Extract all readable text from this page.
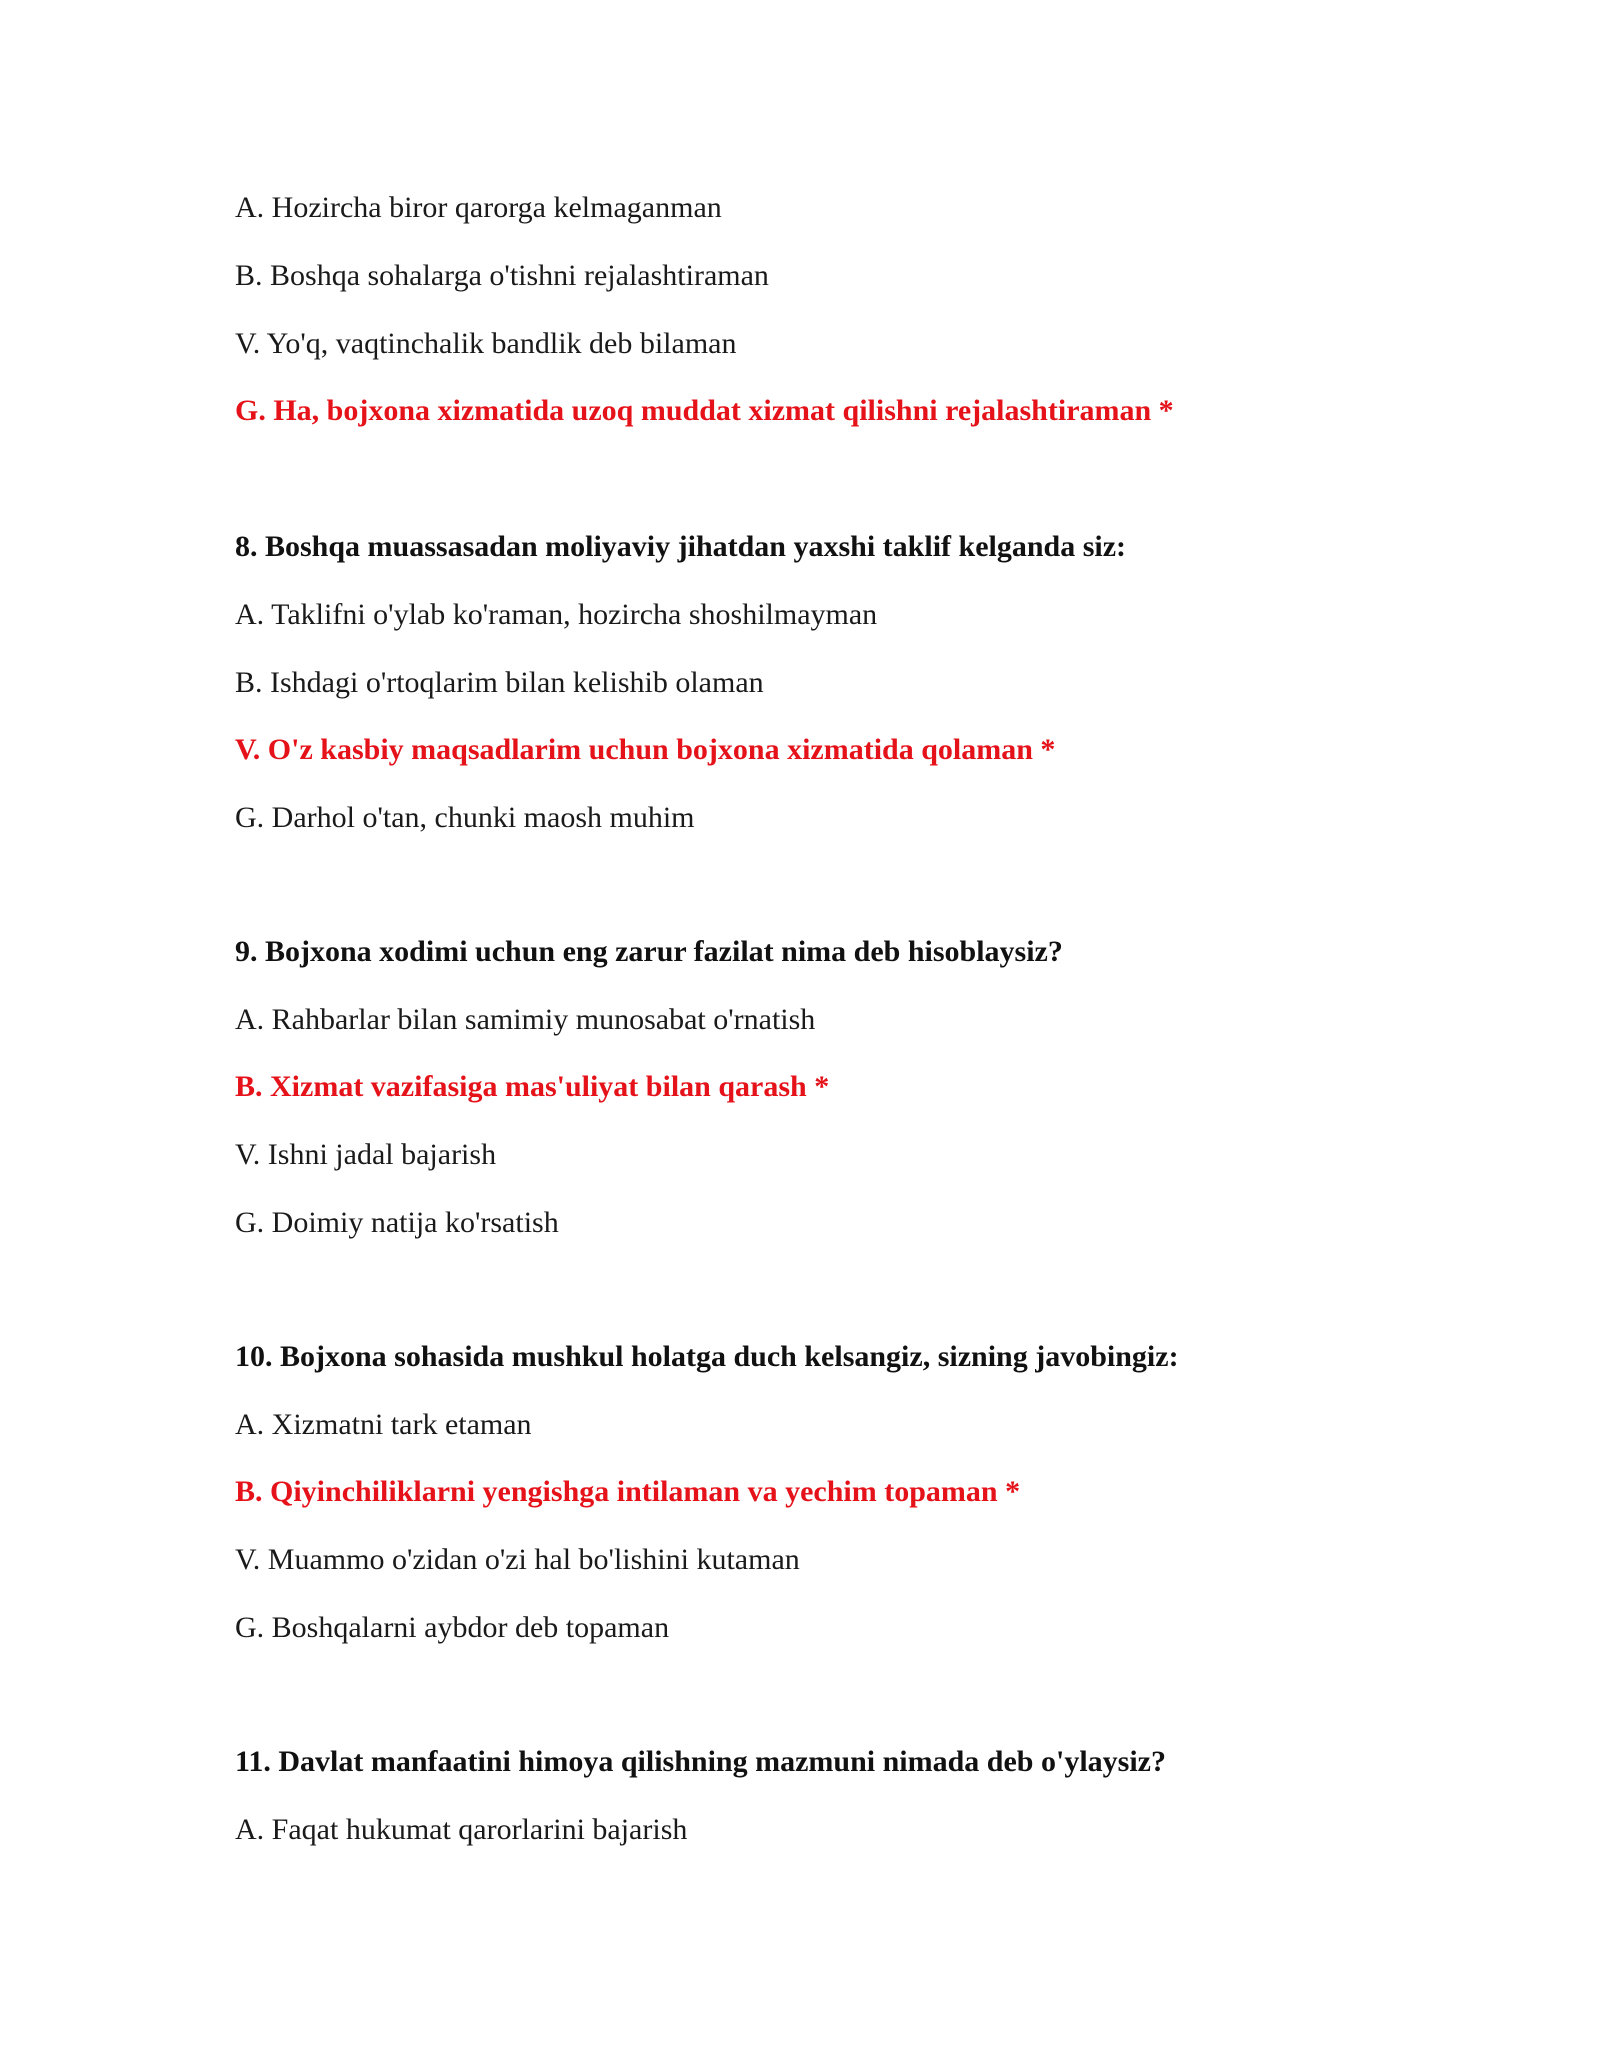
A. Hozircha biror qarorga kelmaganman
B. Boshqa sohalarga o'tishni rejalashtiraman
V. Yo'q, vaqtinchalik bandlik deb bilaman
G. Ha, bojxona xizmatida uzoq muddat xizmat qilishni rejalashtiraman *
8. Boshqa muassasadan moliyaviy jihatdan yaxshi taklif kelganda siz:
A. Taklifni o'ylab ko'raman, hozircha shoshilmayman
B. Ishdagi o'rtoqlarim bilan kelishib olaman
V. O'z kasbiy maqsadlarim uchun bojxona xizmatida qolaman *
G. Darhol o'tan, chunki maosh muhim
9. Bojxona xodimi uchun eng zarur fazilat nima deb hisoblaysiz?
A. Rahbarlar bilan samimiy munosabat o'rnatish
B. Xizmat vazifasiga mas'uliyat bilan qarash *
V. Ishni jadal bajarish
G. Doimiy natija ko'rsatish
10. Bojxona sohasida mushkul holatga duch kelsangiz, sizning javobingiz:
A. Xizmatni tark etaman
B. Qiyinchiliklarni yengishga intilaman va yechim topaman *
V. Muammo o'zidan o'zi hal bo'lishini kutaman
G. Boshqalarni aybdor deb topaman
11. Davlat manfaatini himoya qilishning mazmuni nimada deb o'ylaysiz?
A. Faqat hukumat qarorlarini bajarish
